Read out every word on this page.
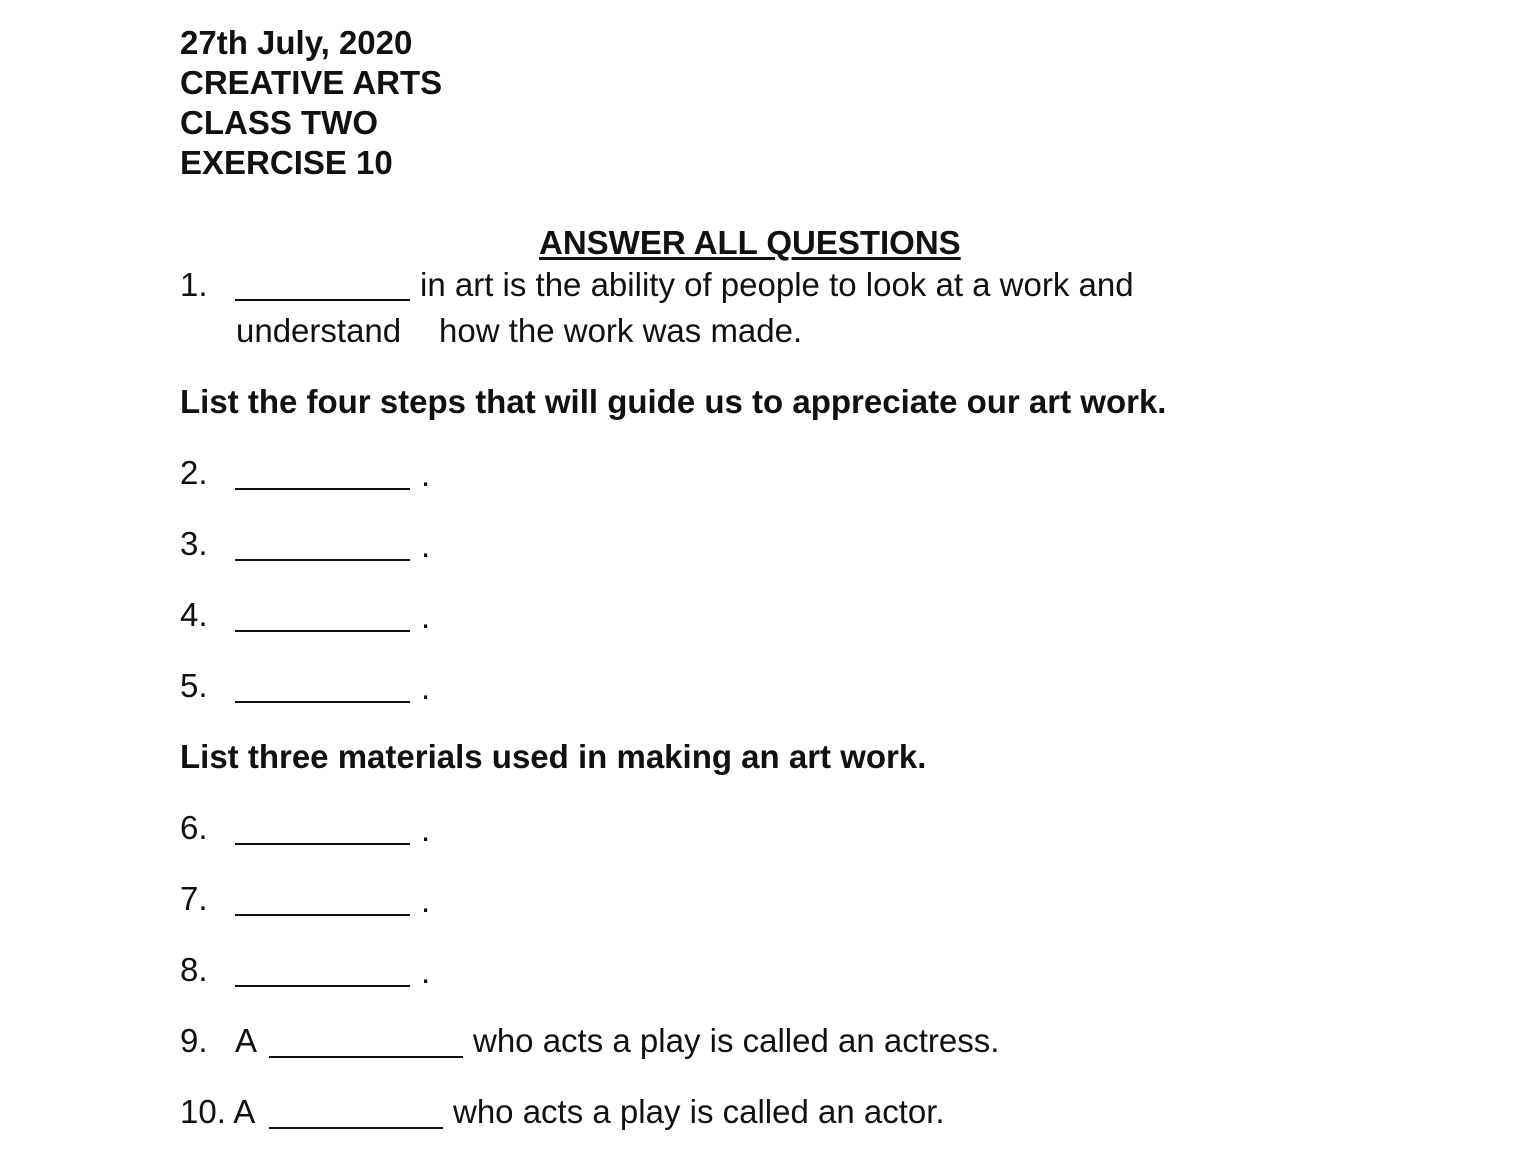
27th July, 2020
CREATIVE ARTS
CLASS TWO
EXERCISE 10
ANSWER ALL QUESTIONS
1.	in art is the ability of people to look at a work and
understand how the work was made.
List the four steps that will guide us to appreciate our art work.
2.	.
3.	.
4.	.
5.	.
List three materials used in making an art work.
6.	.
7.	.
8.	.
9. A	who acts a play is called an actress.
10. A	who acts a play is called an actor.
